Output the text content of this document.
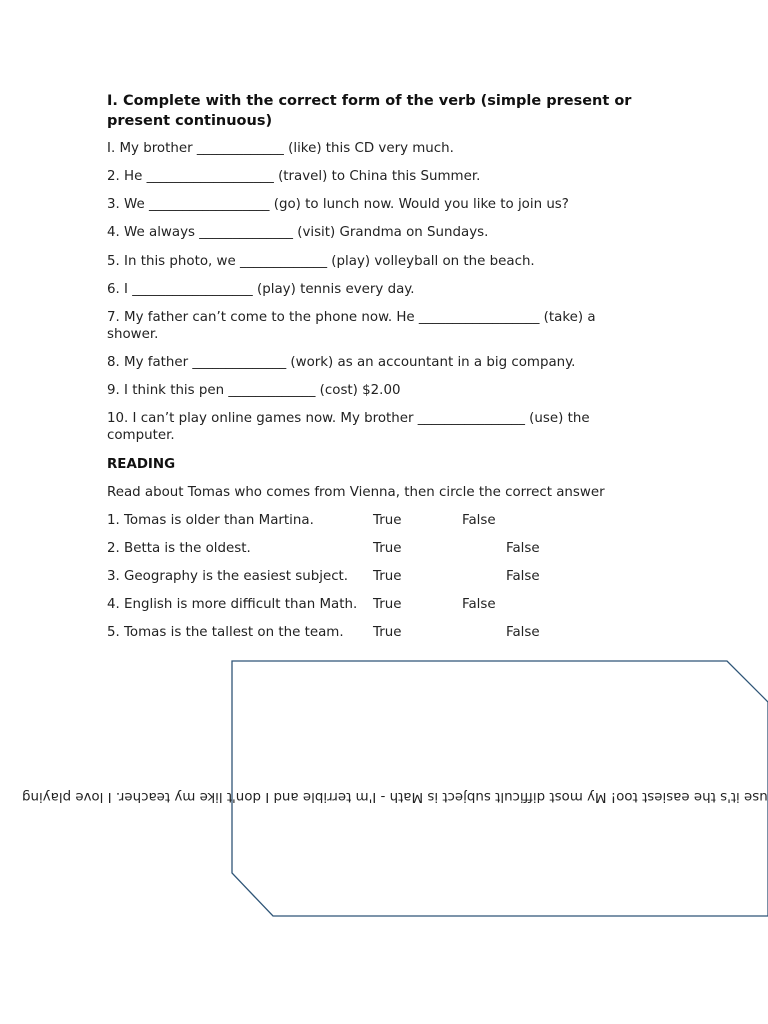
I. Complete with the correct form of the verb (simple present or present continuous)
I. My brother _____________ (like) this CD very much.
2. He ___________________ (travel) to China this Summer.
3. We __________________ (go) to lunch now. Would you like to join us?
4. We always ______________ (visit) Grandma on Sundays.
5. In this photo, we _____________ (play) volleyball on the beach.
6. I __________________ (play) tennis every day.
7. My father can’t come to the phone now. He __________________ (take) a shower.
8. My father ______________ (work) as an accountant in a big company.
9. I think this pen _____________ (cost) $2.00
10. I can’t play online games now. My brother ________________ (use) the computer.
READING
Read about Tomas who comes from Vienna, then circle the correct answer
1. Tomas is older than Martina.	True	False
2. Betta is the oldest.	True	False
3. Geography is the easiest subject. True	False
4. English is more difficult than Math. True	False
5. Tomas is the tallest on the team. True	False
use it's the easiest too! My most difficult subject is Math - I'm terrible and I don't like my teacher. I love playing
